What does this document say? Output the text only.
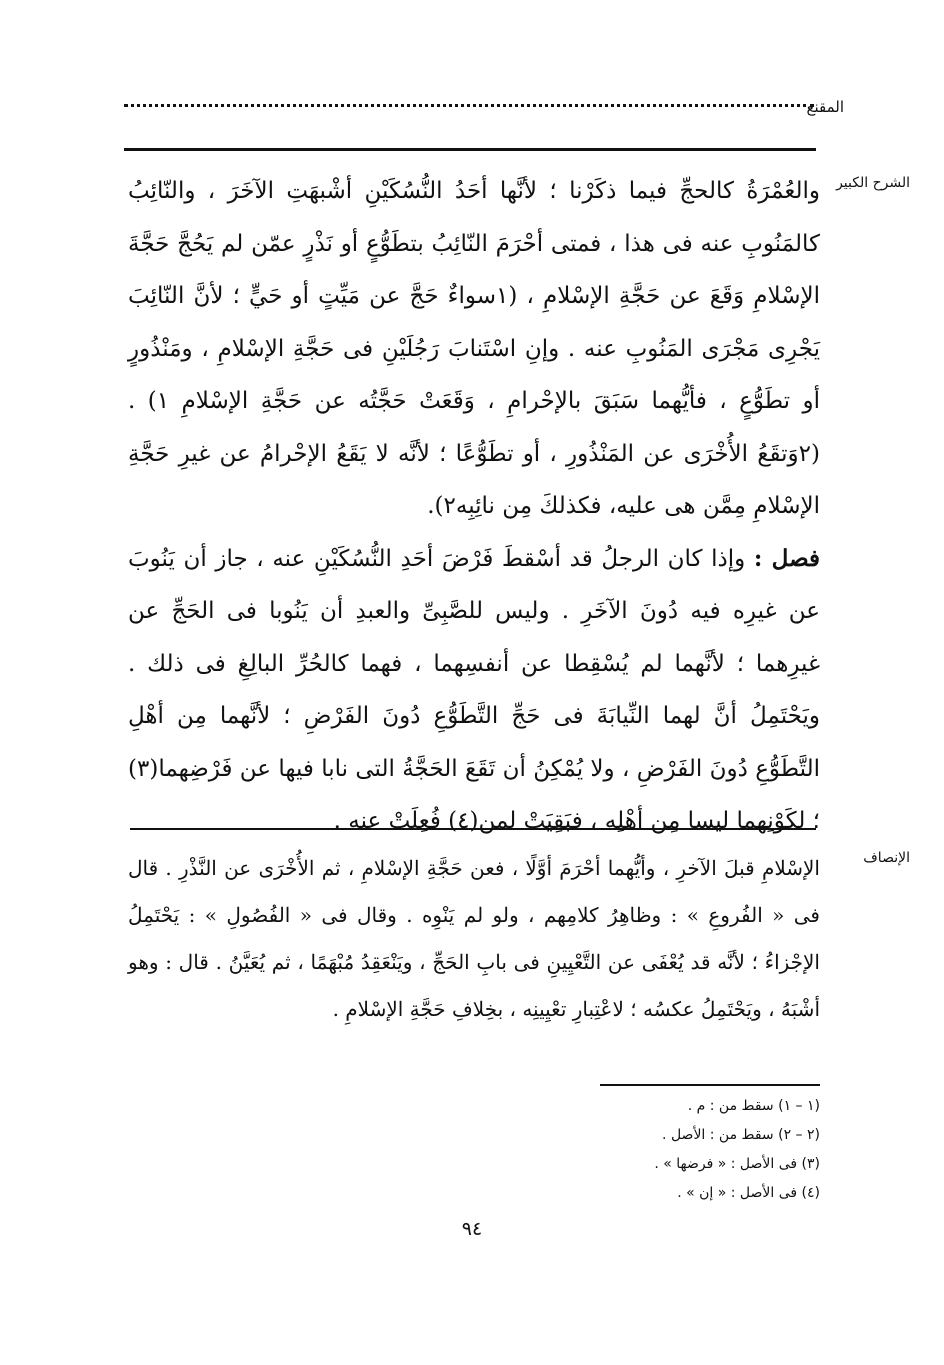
المقنع
الشرح الكبير

والعُمْرَةُ كالحجِّ فيما ذكَرْنا ؛ لأنَّها أحَدُ النُّسُكَيْنِ أشْبهَتِ الآخَرَ ، والنّائِبُ كالمَنُوبِ عنه فى هذا ، فمتى أحْرَمَ النّائِبُ بتطَوُّعٍ أو نَذْرٍ عمّن لم يَحُجَّ حَجَّةَ الإسْلامِ وَقَعَ عن حَجَّةِ الإسْلامِ ، (١سواءٌ حَجَّ عن مَيِّتٍ أو حَيٍّ ؛ لأنَّ النّائِبَ يَجْرِى مَجْرَى المَنُوبِ عنه . وإنِ اسْتَنابَ رَجُلَيْنِ فى حَجَّةِ الإسْلامِ ، ومَنْذُورٍ أو تطَوُّعٍ ، فأيُّهما سَبَقَ بالإحْرامِ ، وَقَعَتْ حَجَّتُه عن حَجَّةِ الإسْلامِ ١) . (٢وَتقَعُ الأُخْرَى عن المَنْذُورِ ، أو تطَوُّعًا ؛ لأنَّه لا يَقَعُ الإحْرامُ عن غيرِ حَجَّةِ الإسْلامِ مِمَّن هى عليه، فكذلكَ مِن نائِبِه٢).

فصل : وإذا كان الرجلُ قد أسْقطَ فَرْضَ أحَدِ النُّسُكَيْنِ عنه ، جاز أن يَنُوبَ عن غيرِه فيه دُونَ الآخَرِ . وليس للصَّبِىِّ والعبدِ أن يَنُوبا فى الحَجِّ عن غيرِهما ؛ لأنَّهما لم يُسْقِطا عن أنفسِهما ، فهما كالحُرِّ البالِغِ فى ذلك . ويَحْتَمِلُ أنَّ لهما النِّيابَةَ فى حَجِّ التَّطَوُّعِ دُونَ الفَرْضِ ؛ لأنَّهما مِن أهْلِ التَّطَوُّعِ دُونَ الفَرْضِ ، ولا يُمْكِنُ أن تَقَعَ الحَجَّةُ التى نابا فيها عن فَرْضِهما(٣) ؛ لكَوْنِهما ليسا مِن أهْلِه ، فبَقِيَتْ لمن(٤) فُعِلَتْ عنه .

الإنصاف

الإسْلامِ قبلَ الآخرِ ، وأيُّهما أحْرَمَ أوَّلًا ، فعن حَجَّةِ الإسْلامِ ، ثم الأُخْرَى عن النَّذْرِ . قال فى « الفُروعِ » : وظاهِرُ كلامِهم ، ولو لم يَنْوِه . وقال فى « الفُصُولِ » : يَحْتَمِلُ الإجْزاءُ ؛ لأنَّه قد يُعْفَى عن التَّعْيِينِ فى بابِ الحَجِّ ، ويَنْعَقِدُ مُبْهَمًا ، ثم يُعَيَّنُ . قال : وهو أشْبَهُ ، ويَحْتَمِلُ عكسُه ؛ لاعْتِبارِ تعْيِينِه ، بخِلافِ حَجَّةِ الإسْلامِ .

(١ – ١) سقط من : م .
(٢ – ٢) سقط من : الأصل .
(٣) فى الأصل : « فرضها » .
(٤) فى الأصل : « إن » .
٩٤
